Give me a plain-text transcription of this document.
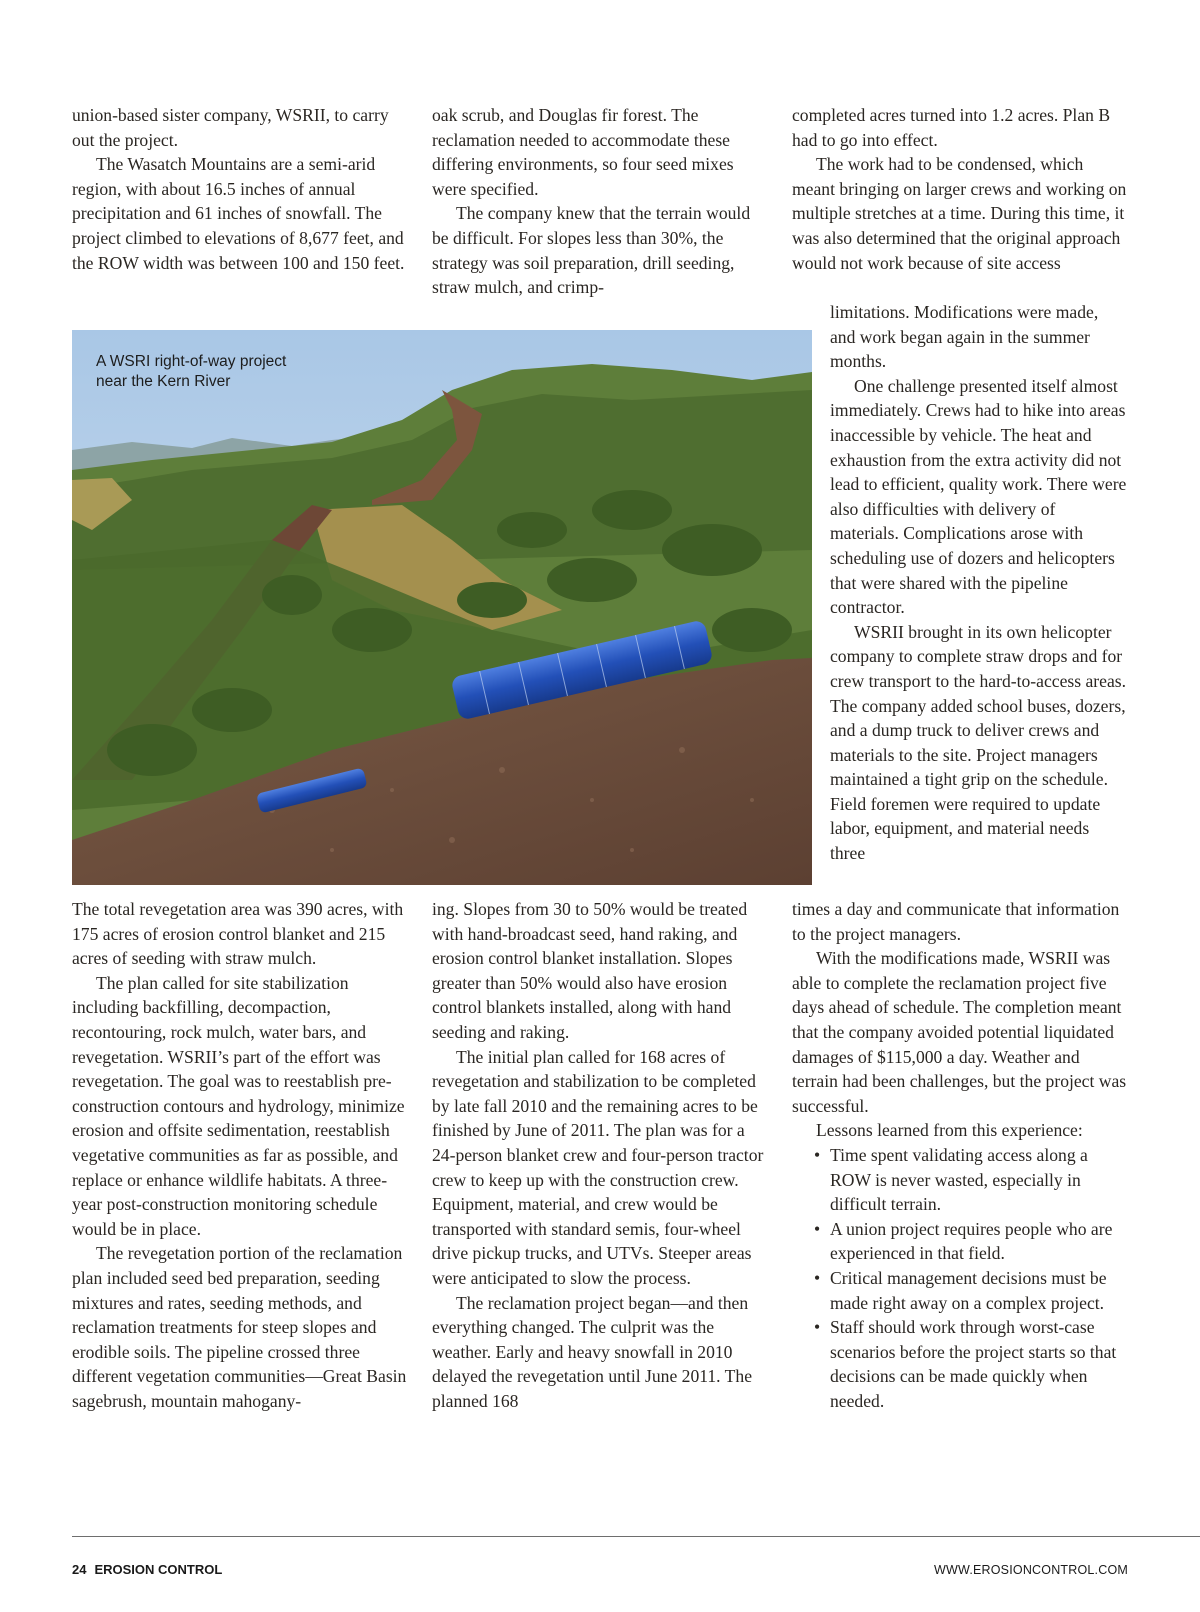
union-based sister company, WSRII, to carry out the project.

The Wasatch Mountains are a semi-arid region, with about 16.5 inches of annual precipitation and 61 inches of snowfall. The project climbed to elevations of 8,677 feet, and the ROW width was between 100 and 150 feet.

oak scrub, and Douglas fir forest. The reclamation needed to accommodate these differing environments, so four seed mixes were specified.

The company knew that the terrain would be difficult. For slopes less than 30%, the strategy was soil preparation, drill seeding, straw mulch, and crimp-

completed acres turned into 1.2 acres. Plan B had to go into effect.

The work had to be condensed, which meant bringing on larger crews and working on multiple stretches at a time. During this time, it was also determined that the original approach would not work because of site access

limitations. Modifications were made, and work began again in the summer months.

One challenge presented itself almost immediately. Crews had to hike into areas inaccessible by vehicle. The heat and exhaustion from the extra activity did not lead to efficient, quality work. There were also difficulties with delivery of materials. Complications arose with scheduling use of dozers and helicopters that were shared with the pipeline contractor.

WSRII brought in its own helicopter company to complete straw drops and for crew transport to the hard-to-access areas. The company added school buses, dozers, and a dump truck to deliver crews and materials to the site. Project managers maintained a tight grip on the schedule. Field foremen were required to update labor, equipment, and material needs three

A WSRI right-of-way project near the Kern River

The total revegetation area was 390 acres, with 175 acres of erosion control blanket and 215 acres of seeding with straw mulch.

The plan called for site stabilization including backfilling, decompaction, recontouring, rock mulch, water bars, and revegetation. WSRII’s part of the effort was revegetation. The goal was to reestablish pre-construction contours and hydrology, minimize erosion and offsite sedimentation, reestablish vegetative communities as far as possible, and replace or enhance wildlife habitats. A three-year post-construction monitoring schedule would be in place.

The revegetation portion of the reclamation plan included seed bed preparation, seeding mixtures and rates, seeding methods, and reclamation treatments for steep slopes and erodible soils. The pipeline crossed three different vegetation communities—Great Basin sagebrush, mountain mahogany-

ing. Slopes from 30 to 50% would be treated with hand-broadcast seed, hand raking, and erosion control blanket installation. Slopes greater than 50% would also have erosion control blankets installed, along with hand seeding and raking.

The initial plan called for 168 acres of revegetation and stabilization to be completed by late fall 2010 and the remaining acres to be finished by June of 2011. The plan was for a 24-person blanket crew and four-person tractor crew to keep up with the construction crew. Equipment, material, and crew would be transported with standard semis, four-wheel drive pickup trucks, and UTVs. Steeper areas were anticipated to slow the process.

The reclamation project began—and then everything changed. The culprit was the weather. Early and heavy snowfall in 2010 delayed the revegetation until June 2011. The planned 168

times a day and communicate that information to the project managers.

With the modifications made, WSRII was able to complete the reclamation project five days ahead of schedule. The completion meant that the company avoided potential liquidated damages of $115,000 a day. Weather and terrain had been challenges, but the project was successful.

Lessons learned from this experience:

• Time spent validating access along a ROW is never wasted, especially in difficult terrain.
• A union project requires people who are experienced in that field.
• Critical management decisions must be made right away on a complex project.
• Staff should work through worst-case scenarios before the project starts so that decisions can be made quickly when needed.
24 EROSION CONTROL	WWW.EROSIONCONTROL.COM
